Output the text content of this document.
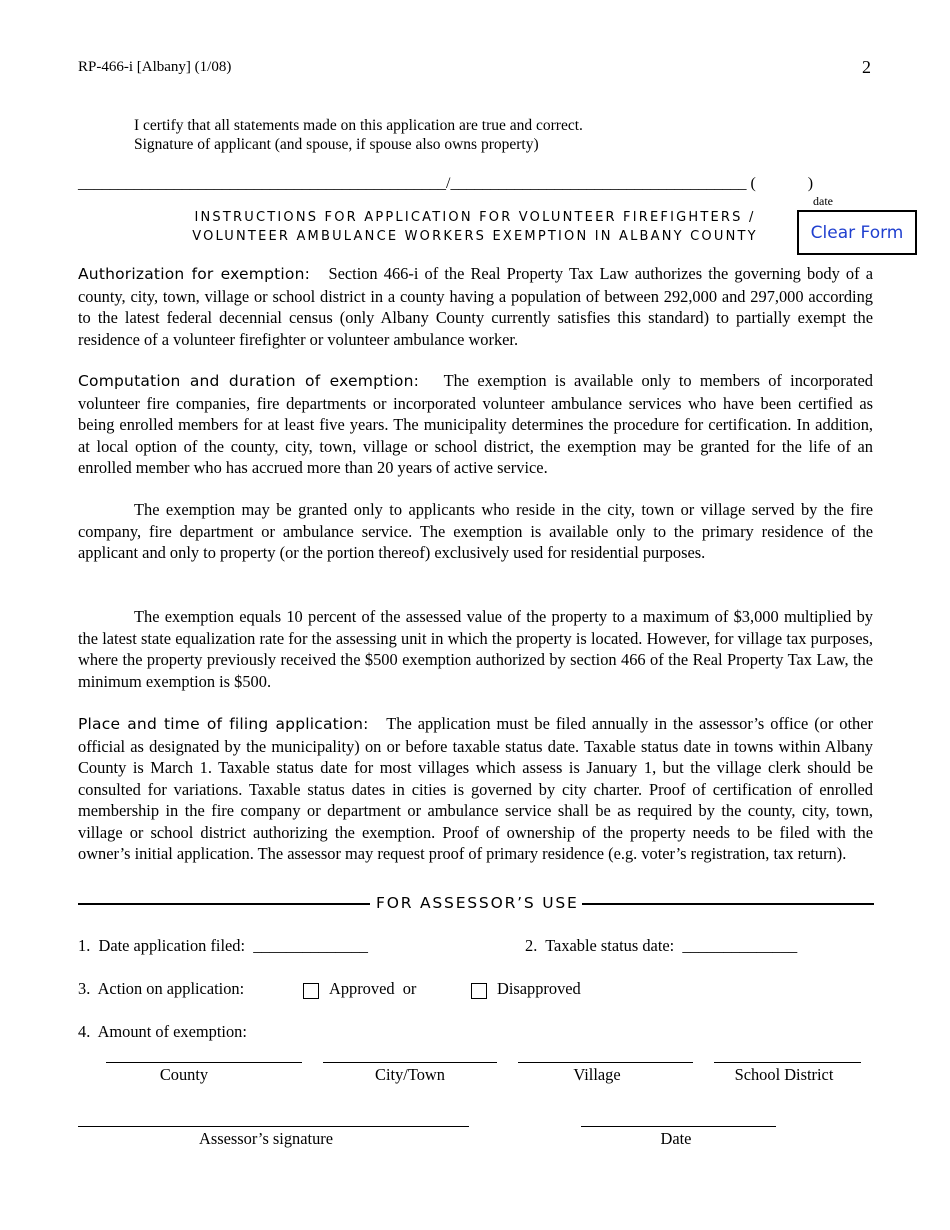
RP-466-i [Albany] (1/08)	2
I certify that all statements made on this application are true and correct.
Signature of applicant (and spouse, if spouse also owns property)
______________________________________________/_____________________________________ (             )
date
Clear Form
INSTRUCTIONS FOR APPLICATION FOR VOLUNTEER FIREFIGHTERS /
VOLUNTEER AMBULANCE WORKERS EXEMPTION IN ALBANY COUNTY
Authorization for exemption: Section 466-i of the Real Property Tax Law authorizes the governing body of a county, city, town, village or school district in a county having a population of between 292,000 and 297,000 according to the latest federal decennial census (only Albany County currently satisfies this standard) to partially exempt the residence of a volunteer firefighter or volunteer ambulance worker.
Computation and duration of exemption: The exemption is available only to members of incorporated volunteer fire companies, fire departments or incorporated volunteer ambulance services who have been certified as being enrolled members for at least five years. The municipality determines the procedure for certification. In addition, at local option of the county, city, town, village or school district, the exemption may be granted for the life of an enrolled member who has accrued more than 20 years of active service.
The exemption may be granted only to applicants who reside in the city, town or village served by the fire company, fire department or ambulance service. The exemption is available only to the primary residence of the applicant and only to property (or the portion thereof) exclusively used for residential purposes.
The exemption equals 10 percent of the assessed value of the property to a maximum of $3,000 multiplied by the latest state equalization rate for the assessing unit in which the property is located. However, for village tax purposes, where the property previously received the $500 exemption authorized by section 466 of the Real Property Tax Law, the minimum exemption is $500.
Place and time of filing application: The application must be filed annually in the assessor’s office (or other official as designated by the municipality) on or before taxable status date. Taxable status date in towns within Albany County is March 1. Taxable status date for most villages which assess is January 1, but the village clerk should be consulted for variations. Taxable status dates in cities is governed by city charter. Proof of certification of enrolled membership in the fire company or department or ambulance service shall be as required by the county, city, town, village or school district authorizing the exemption. Proof of ownership of the property needs to be filed with the owner’s initial application. The assessor may request proof of primary residence (e.g. voter’s registration, tax return).
FOR ASSESSOR’S USE
1.  Date application filed:  ______________	2.  Taxable status date:  ______________
3.  Action on application:	Approved  or	Disapproved
4.  Amount of exemption:
County	City/Town	Village	School District
Assessor’s signature	Date
